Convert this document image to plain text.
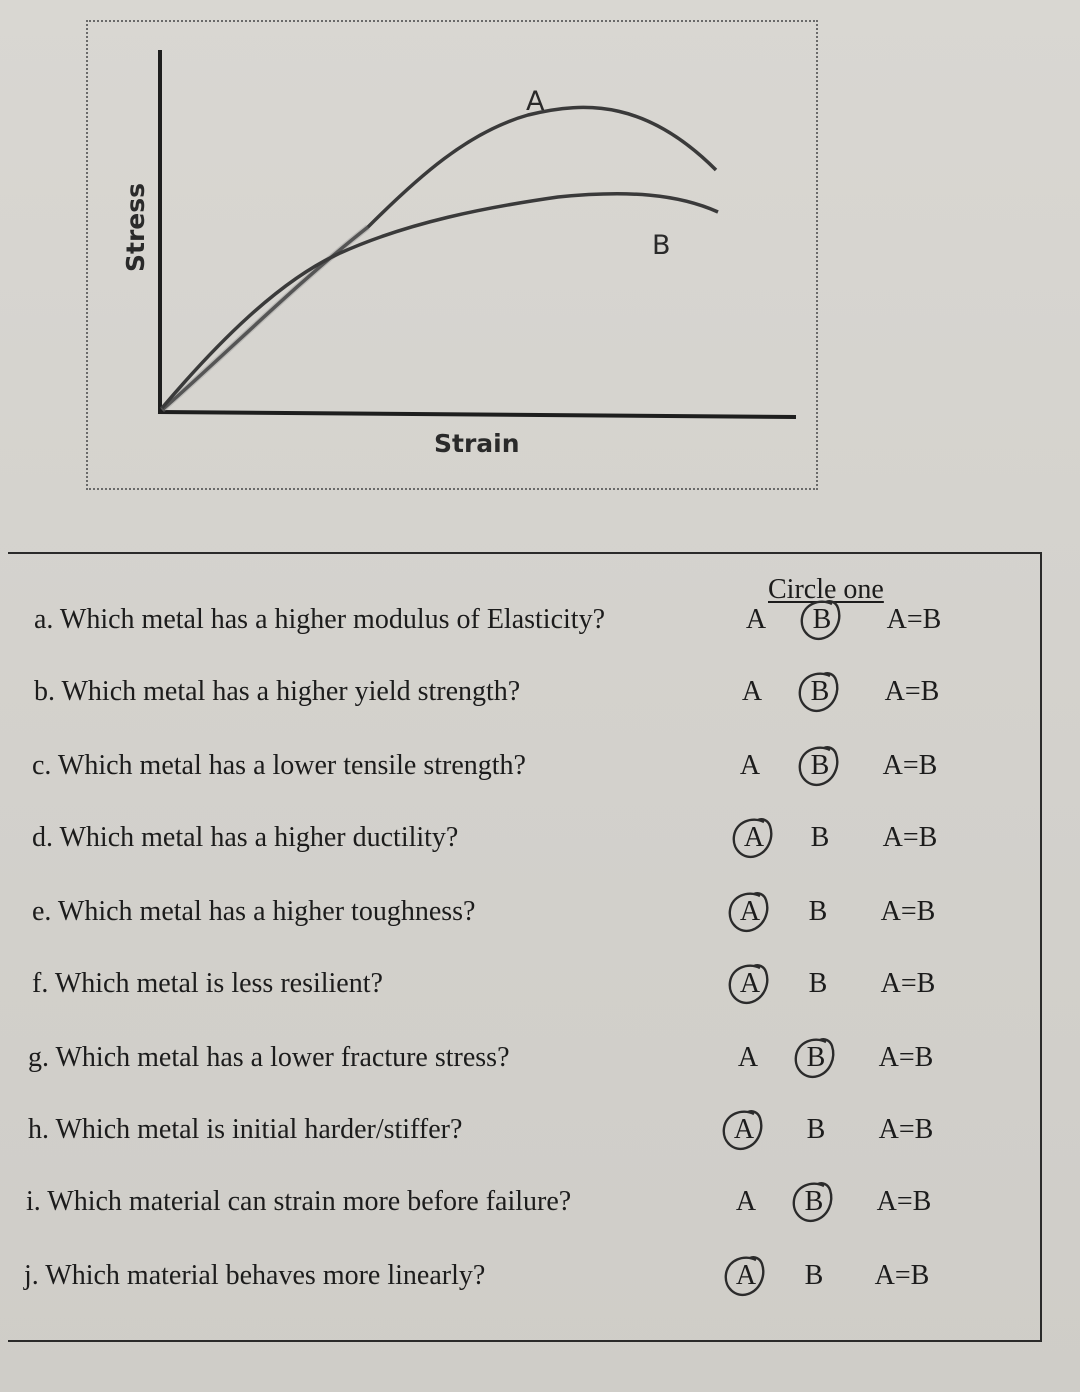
Stress
Strain
A
B
Circle one
a. Which metal has a higher modulus of Elasticity?	A	B	A=B
b. Which metal has a higher yield strength?	A	B	A=B
c. Which metal has a lower tensile strength?	A	B	A=B
d. Which metal has a higher ductility?	A	B	A=B
e. Which metal has a higher toughness?	A	B	A=B
f. Which metal is less resilient?	A	B	A=B
g. Which metal has a lower fracture stress?	A	B	A=B
h. Which metal is initial harder/stiffer?	A	B	A=B
i. Which material can strain more before failure?	A	B	A=B
j. Which material behaves more linearly?	A	B	A=B
